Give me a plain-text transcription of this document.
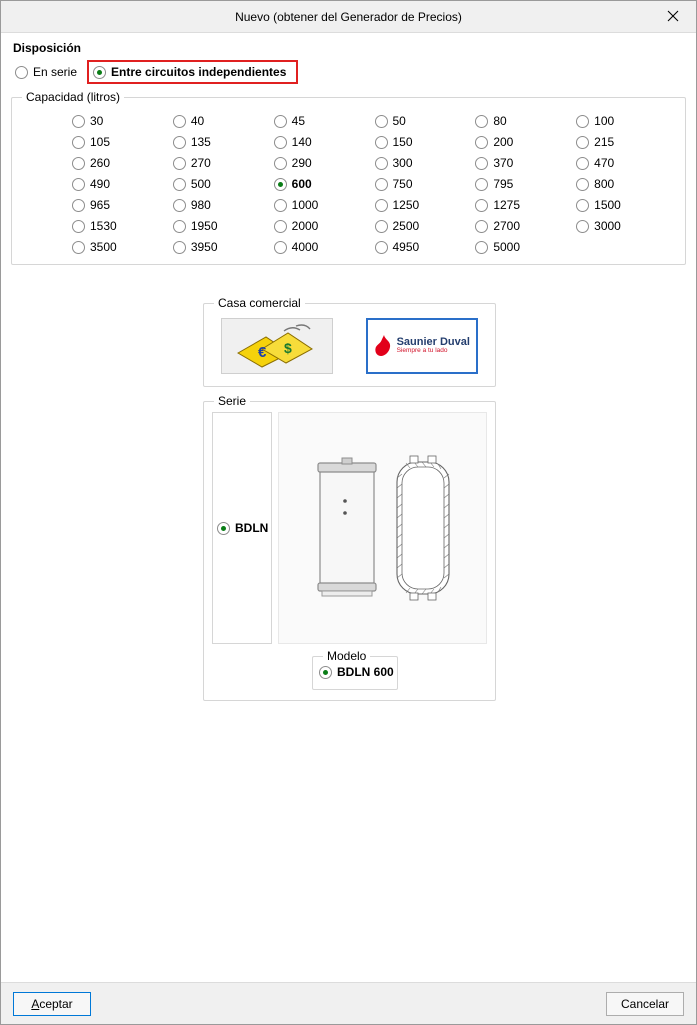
Nuevo (obtener del Generador de Precios)
Disposición
En serie	Entre circuitos independientes
Capacidad (litros)
30	40	45	50	80	100
105	135	140	150	200	215
260	270	290	300	370	470
490	500	600	750	795	800
965	980	1000	1250	1275	1500
1530	1950	2000	2500	2700	3000
3500	3950	4000	4950	5000
Casa comercial
€ $	Saunier Duval
Siempre a tu lado
Serie
BDLN
Modelo
BDLN 600
Aceptar	Cancelar
